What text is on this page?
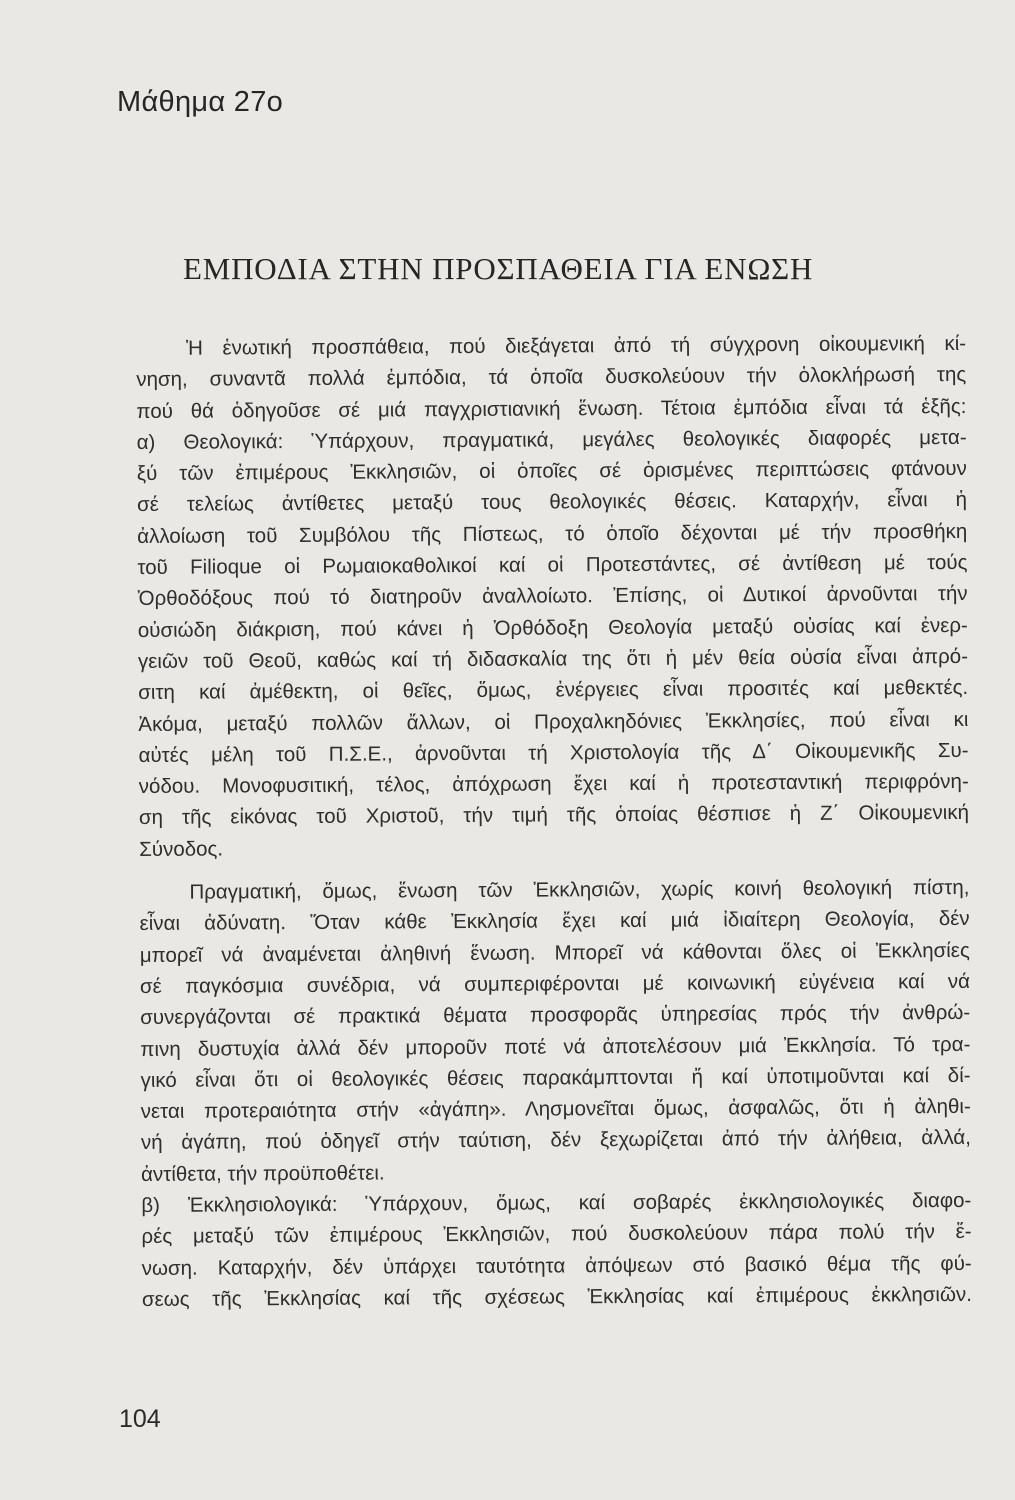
Μάθημα 27ο
ΕΜΠΟΔΙΑ ΣΤΗΝ ΠΡΟΣΠΑΘΕΙΑ ΓΙΑ ΕΝΩΣΗ
Ἡ ἑνωτική προσπάθεια, πού διεξάγεται ἀπό τή σύγχρονη οἰκουμενική κί-
νηση, συναντᾶ πολλά ἐμπόδια, τά ὁποῖα δυσκολεύουν τήν ὁλοκλήρωσή της
πού θά ὁδηγοῦσε σέ μιά παγχριστιανική ἕνωση. Τέτοια ἐμπόδια εἶναι τά ἑξῆς:
α) Θεολογικά: Ὑπάρχουν, πραγματικά, μεγάλες θεολογικές διαφορές μετα-
ξύ τῶν ἐπιμέρους Ἐκκλησιῶν, οἱ ὁποῖες σέ ὁρισμένες περιπτώσεις φτάνουν
σέ τελείως ἀντίθετες μεταξύ τους θεολογικές θέσεις. Καταρχήν, εἶναι ἡ
ἀλλοίωση τοῦ Συμβόλου τῆς Πίστεως, τό ὁποῖο δέχονται μέ τήν προσθήκη
τοῦ Filioque οἱ Ρωμαιοκαθολικοί καί οἱ Προτεστάντες, σέ ἀντίθεση μέ τούς
Ὀρθοδόξους πού τό διατηροῦν ἀναλλοίωτο. Ἐπίσης, οἱ Δυτικοί ἀρνοῦνται τήν
οὐσιώδη διάκριση, πού κάνει ἡ Ὀρθόδοξη Θεολογία μεταξύ οὐσίας καί ἐνερ-
γειῶν τοῦ Θεοῦ, καθώς καί τή διδασκαλία της ὅτι ἡ μέν θεία οὐσία εἶναι ἀπρό-
σιτη καί ἀμέθεκτη, οἱ θεῖες, ὅμως, ἐνέργειες εἶναι προσιτές καί μεθεκτές.
Ἀκόμα, μεταξύ πολλῶν ἄλλων, οἱ Προχαλκηδόνιες Ἐκκλησίες, πού εἶναι κι
αὐτές μέλη τοῦ Π.Σ.Ε., ἀρνοῦνται τή Χριστολογία τῆς Δ΄ Οἰκουμενικῆς Συ-
νόδου. Μονοφυσιτική, τέλος, ἀπόχρωση ἔχει καί ἡ προτεσταντική περιφρόνη-
ση τῆς εἰκόνας τοῦ Χριστοῦ, τήν τιμή τῆς ὁποίας θέσπισε ἡ Ζ΄ Οἰκουμενική
Σύνοδος.
Πραγματική, ὅμως, ἕνωση τῶν Ἐκκλησιῶν, χωρίς κοινή θεολογική πίστη,
εἶναι ἀδύνατη. Ὅταν κάθε Ἐκκλησία ἔχει καί μιά ἰδιαίτερη Θεολογία, δέν
μπορεῖ νά ἀναμένεται ἀληθινή ἕνωση. Μπορεῖ νά κάθονται ὅλες οἱ Ἐκκλησίες
σέ παγκόσμια συνέδρια, νά συμπεριφέρονται μέ κοινωνική εὐγένεια καί νά
συνεργάζονται σέ πρακτικά θέματα προσφορᾶς ὑπηρεσίας πρός τήν ἀνθρώ-
πινη δυστυχία ἀλλά δέν μποροῦν ποτέ νά ἀποτελέσουν μιά Ἐκκλησία. Τό τρα-
γικό εἶναι ὅτι οἱ θεολογικές θέσεις παρακάμπτονται ἤ καί ὑποτιμοῦνται καί δί-
νεται προτεραιότητα στήν «ἀγάπη». Λησμονεῖται ὅμως, ἀσφαλῶς, ὅτι ἡ ἀληθι-
νή ἀγάπη, πού ὁδηγεῖ στήν ταύτιση, δέν ξεχωρίζεται ἀπό τήν ἀλήθεια, ἀλλά,
ἀντίθετα, τήν προϋποθέτει.
β) Ἐκκλησιολογικά: Ὑπάρχουν, ὅμως, καί σοβαρές ἐκκλησιολογικές διαφο-
ρές μεταξύ τῶν ἐπιμέρους Ἐκκλησιῶν, πού δυσκολεύουν πάρα πολύ τήν ἕ-
νωση. Καταρχήν, δέν ὑπάρχει ταυτότητα ἀπόψεων στό βασικό θέμα τῆς φύ-
σεως τῆς Ἐκκλησίας καί τῆς σχέσεως Ἐκκλησίας καί ἐπιμέρους ἐκκλησιῶν.
104
